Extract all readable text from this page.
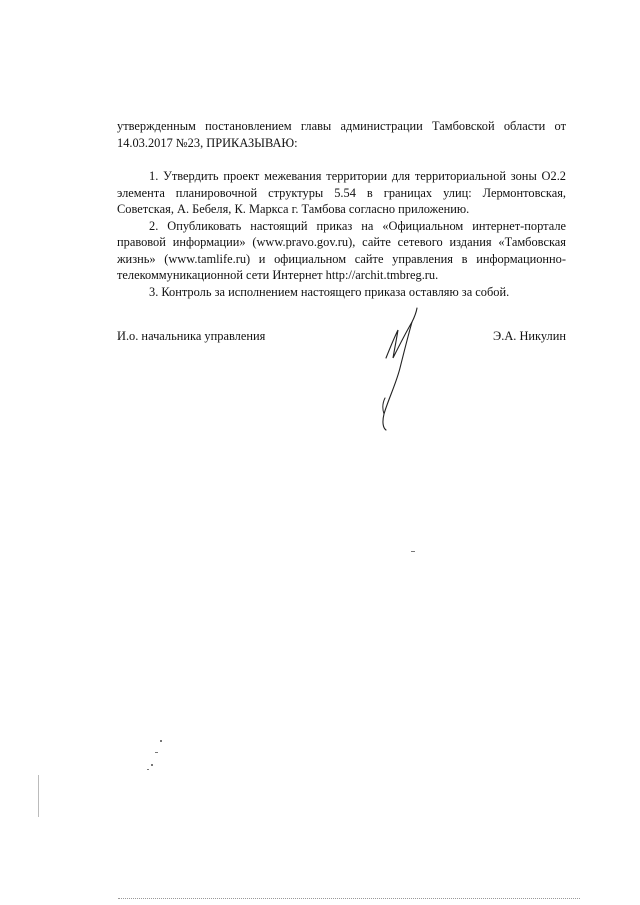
утвержденным постановлением главы администрации Тамбовской области от 14.03.2017 №23, ПРИКАЗЫВАЮ:

1. Утвердить проект межевания территории для территориальной зоны О2.2 элемента планировочной структуры 5.54 в границах улиц: Лермонтовская, Советская, А. Бебеля, К. Маркса г. Тамбова согласно приложению.

2. Опубликовать настоящий приказ на «Официальном интернет-портале правовой информации» (www.pravo.gov.ru), сайте сетевого издания «Тамбовская жизнь» (www.tamlife.ru) и официальном сайте управления в информационно-телекоммуникационной сети Интернет http://archit.tmbreg.ru.

3. Контроль за исполнением настоящего приказа оставляю за собой.

И.о. начальника управления	Э.А. Никулин
